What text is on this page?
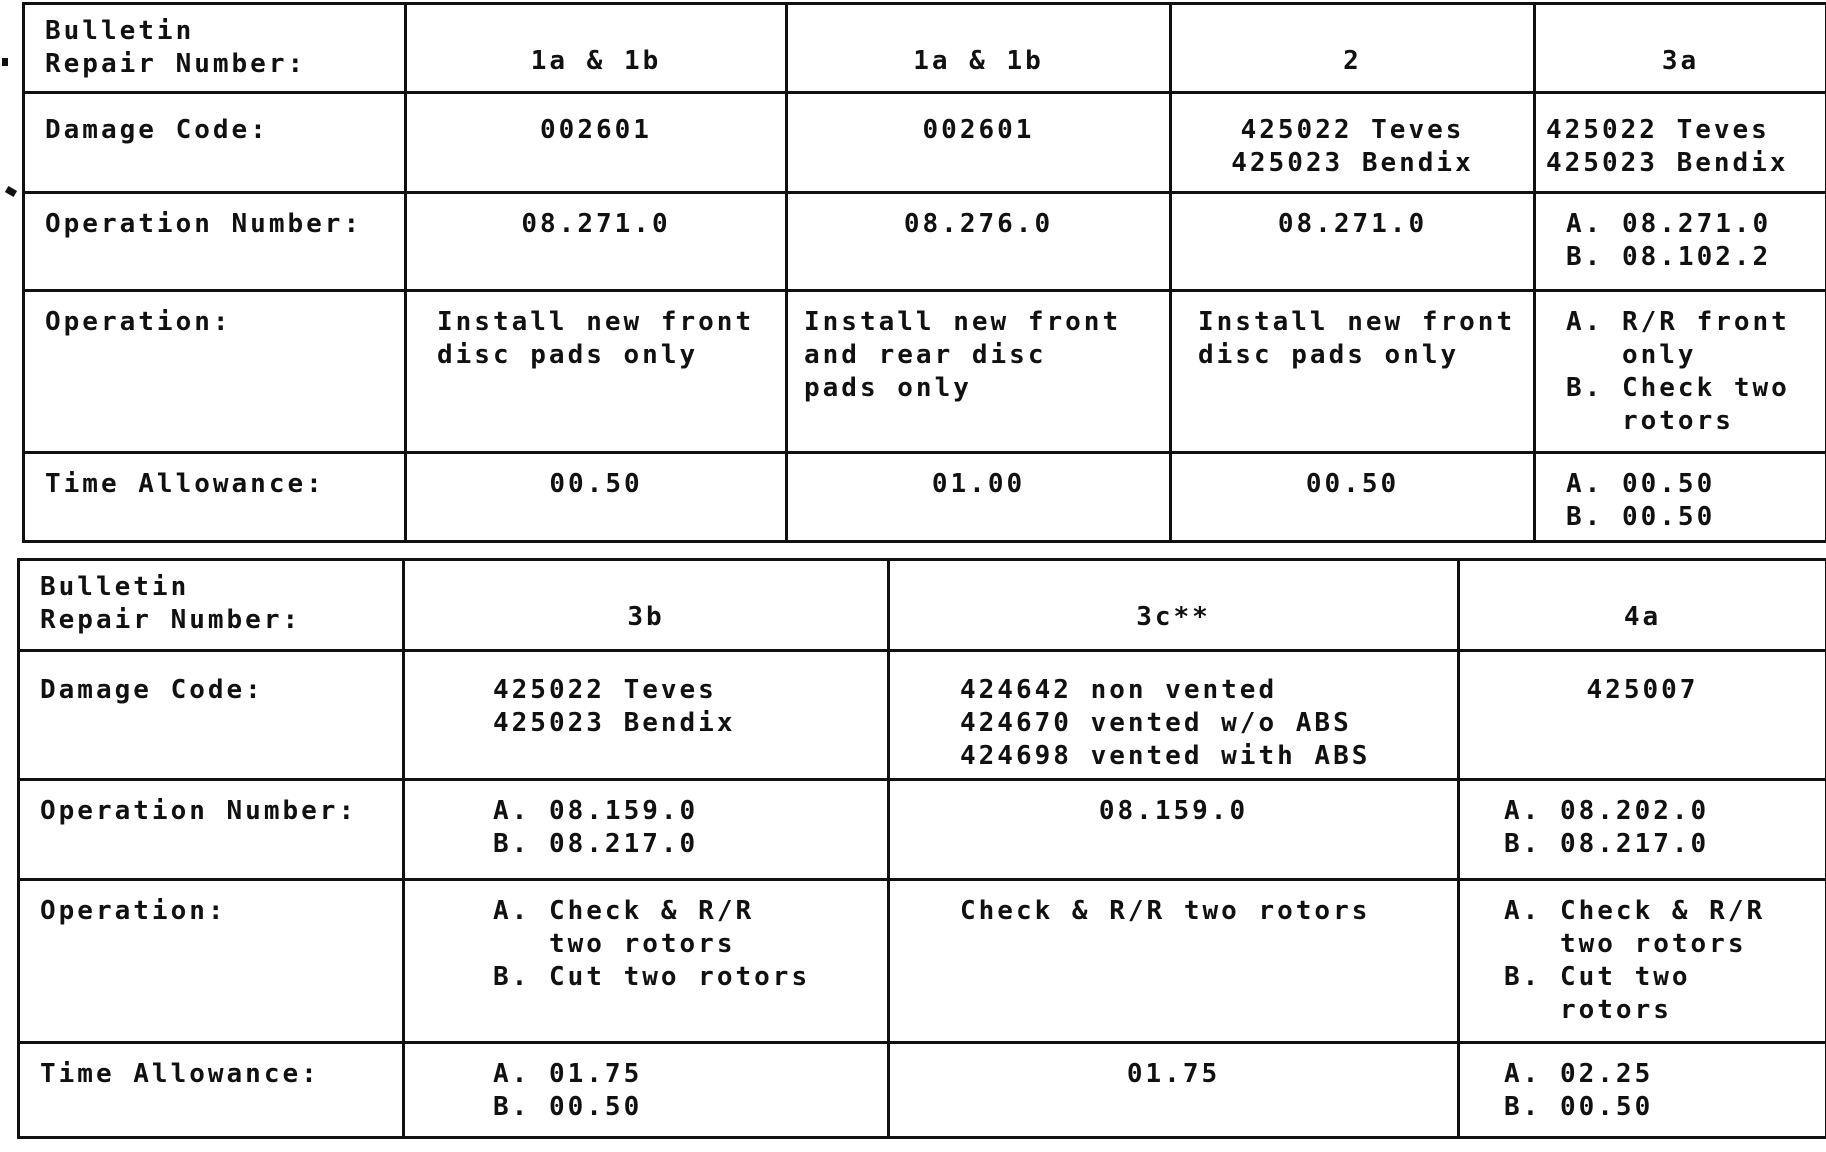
Bulletin
Repair Number:	1a & 1b	1a & 1b	2	3a
Damage Code:	002601	002601	425022 Teves
425023 Bendix	425022 Teves
425023 Bendix
Operation Number:	08.271.0	08.276.0	08.271.0	A. 08.271.0
B. 08.102.2
Operation:	Install new front
disc pads only	Install new front
and rear disc
pads only	Install new front
disc pads only	A. R/R front
only
B. Check two
rotors
Time Allowance:	00.50	01.00	00.50	A. 00.50
B. 00.50
Bulletin
Repair Number:	3b	3c**	4a
Damage Code:	425022 Teves
425023 Bendix	424642 non vented
424670 vented w/o ABS
424698 vented with ABS	425007
Operation Number:	A. 08.159.0
B. 08.217.0	08.159.0	A. 08.202.0
B. 08.217.0
Operation:	A. Check & R/R
two rotors
B. Cut two rotors	Check & R/R two rotors	A. Check & R/R
two rotors
B. Cut two
rotors
Time Allowance:	A. 01.75
B. 00.50	01.75	A. 02.25
B. 00.50
